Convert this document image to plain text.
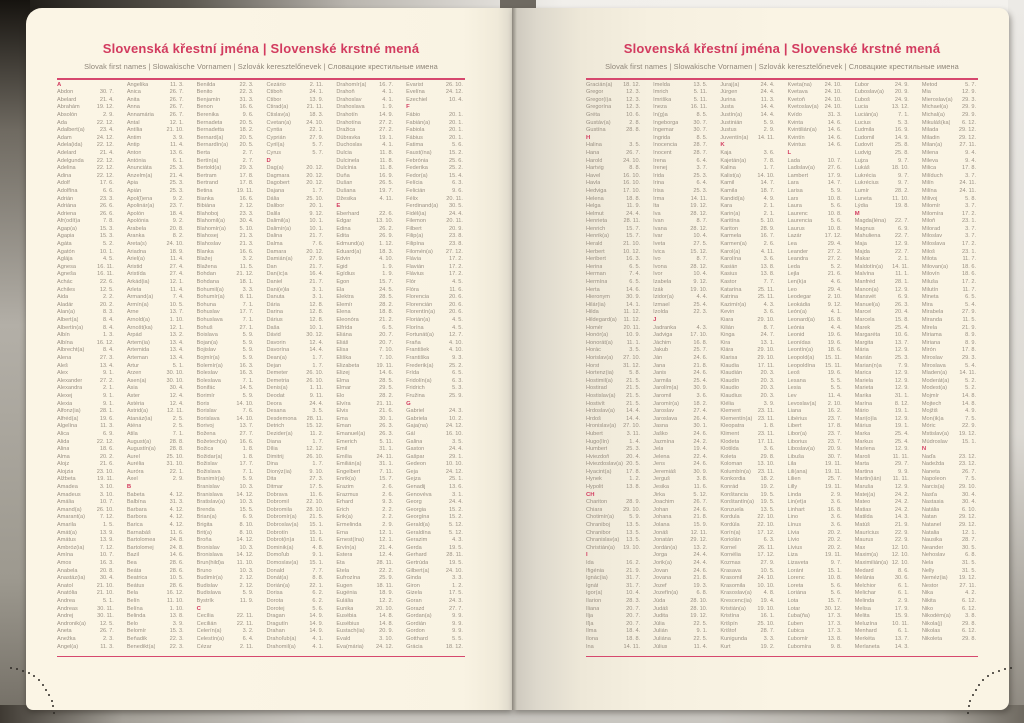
Slovenská křestní jména | Slovenské krstné mená
Slovak first names | Slowakische Vornamen | Szlovák keresztelőnevek | Словацкие крестильные имена
A
Abdon	30. 7.
Abelard	21. 4.
Abrahám	19. 12.
Absolón	2. 9.
Ada	22. 12.
Adalbert(a)	23. 4.
Adam	24. 12.
Adela(ida)	22. 12.
Adelard	21. 4.
Adelgunda	22. 12.
Adelina	22. 12.
Adina	22. 12.
Adolf	17. 6.
Adolfína	6. 6.
Adrián	23. 3.
Adriána	26. 6.
Adriena	26. 6.
Afr(odít)a	7. 8.
Agap(a)	15. 3.
Agapia	15. 3.
Agáta	5. 2.
Agatón	10. 1.
Aglája	4. 5.
Agnesa	16. 11.
Agneša	16. 11.
Achác	22. 6.
Achiles	12. 5.
Aida	2. 2.
Aladár	20. 2.
Alan(a)	8. 3.
Albert(a)	8. 4.
Albertín(a)	8. 4.
Albín	1. 3.
Albína	16. 12.
Albrecht(a)	8. 4.
Alena	27. 3.
Aleš	13. 4.
Alex	9. 1.
Alexander	27. 2.
Alexandra	2. 1.
Alexej	9. 1.
Alexia	9. 1.
Alfonz(ia)	28. 1.
Alfréd(a)	19. 6.
Algelína	11. 3.
Alica	6. 9.
Alida	22. 12.
Alina	18. 6.
Alma	20. 2.
Alojz	21. 6.
Alojzia	23. 10.
Alžbeta	19. 11.
Amadea	3. 10.
Amadeus	3. 10.
Amália	10. 7.
Amand(a)	26. 10.
Amarant(a)	7. 12.
Amarila	1. 5.
Amát(a)	13. 9.
Amátus	13. 9.
Ambróz(ia)	7. 12.
Amína	10. 7.
Amos	16. 3.
Anabela	20. 8.
Anastáz(ia)	30. 4.
Anatol	21. 10.
Anatólia	21. 10.
Andrea	5. 1.
Andreas	30. 11.
Andrej	30. 11.
Andronik(a)	12. 5.
Aneta	26. 7.
Anežka	2. 3.
Angel(a)	11. 3.
Angelika	11. 3.
Anica	26. 7.
Anita	26. 7.
Anna	26. 7.
Annamária	26. 7.
Antal	12. 1.
Antília	21. 10.
Antim	3. 9.
Antip	11. 4.
Anton	13. 6.
Antónia	6. 1.
Anunciáta	25. 3.
Anzelm(a)	21. 4.
Apia	25. 3.
Apián	25. 3.
Apol(l)ena	9. 2.
Apolinár(a)	23. 7.
Apolón	18. 4.
Apolónia	9. 2.
Arabela	20. 8.
Aranka	8. 2.
Areta(s)	24. 10.
Ariadna	18. 9.
Ariel(a)	11. 4.
Aristid	27. 4.
Aristída	27. 4.
Arkád(ia)	12. 1.
Arleta	11. 4.
Armand(a)	7. 4.
Armín(a)	10. 5.
Arne	13. 7.
Arnold(a)	1. 10.
Arnošt(ka)	12. 1.
Arpád	13. 2.
Artem(ia)	13. 4.
Artemida	13. 4.
Arteman	13. 4.
Artur	5. 1.
Arzen	30. 10.
Asen(a)	30. 10.
Asia	30. 4.
Aster	12. 4.
Astéria	12. 4.
Astrid(a)	12. 11.
Atanáz(ia)	2. 5.
Aténa	2. 5.
Atila	7. 1.
August(a)	28. 8.
Augustín(a)	28. 8.
Aurel	25. 10.
Aurélia	31. 10.
Auróra	22. 1.
Axel	2. 9.
B
Babeta	4. 12.
Balbína	31. 3.
Barbara	4. 12.
Barbora	4. 12.
Barica	4. 12.
Barnabáš	11. 6.
Bartolomea	24. 8.
Bartolomej	24. 8.
Bazil	14. 6.
Bea	28. 6.
Beáta	28. 6.
Beatrica	10. 5.
Beátus	28. 6.
Bela	16. 12.
Belín	11. 10.
Belína	1. 10.
Belinda	13. 8.
Belo	3. 9.
Belomír	15. 3.
Beňadik	22. 3.
Benedikt(a)	22. 3.
Benilda	22. 3.
Benito	22. 3.
Benjamín	31. 3.
Benon	16. 6.
Berenika	9. 6.
Bernadeta	20. 5.
Bernadetta	18. 2.
Bernard(a)	20. 5.
Bernardín(a)	20. 5.
Berta	2. 7.
Bertín(a)	2. 7.
Bertold(a)	29. 3.
Bertram	17. 8.
Bertrand	17. 8.
Betina	19. 11.
Bianka	16. 6.
Bibiána	2. 12.
Blahoboj	23. 3.
Blahomil(a)	30. 4.
Blahomír(a)	5. 10.
Blahosej	21. 3.
Blahoslav	21. 3.
Blanka	16. 6.
Blažej	3. 2.
Blažena	11. 5.
Bohdan	21. 12.
Bohdana	18. 1.
Bohumil(a)	3. 3.
Bohumír(a)	8. 11.
Bohuna	7. 1.
Bohuslav	17. 7.
Bohuslava	7. 1.
Bohuš	27. 1.
Boislava	5. 9.
Bojan(a)	5. 9.
Bojislav	5. 9.
Bojmír(a)	5. 9.
Bolemír(a)	16. 3.
Boleslav	16. 3.
Boleslava	7. 1.
Bonifác	14. 5.
Borimír	5. 9.
Boris	14. 10.
Borislav	7. 6.
Borislava	14. 10.
Borivoj	13. 7.
Božena	27. 7.
Božetech(a)	16. 6.
Božica	1. 8.
Božidar(a)	1. 8.
Božislav	17. 7.
Božislava	7. 1.
Branimír(a)	5. 9.
Branislav	10. 3.
Branislava	14. 12.
Bratislav(a)	10. 3.
Brenda	15. 5.
Brian(a)	6. 9.
Brigita	8. 10.
Brit(a)	8. 10.
Broňa	14. 12.
Bronislav	10. 3.
Bronislava	14. 12.
Brun(hild)a	11. 10.
Bruno	10. 3.
Budimír(a)	2. 12.
Budislav	2. 12.
Budislava	5. 9.
Bystrík	11. 9.
C
Cecília	22. 11.
Cecilián	22. 11.
Celerín(a)	3. 2.
Celestín(a)	6. 4.
Cézar	2. 11.
Cezário	2. 11.
Ctiboh	24. 1.
Ctibor	13. 9.
Ctirad(a)	21. 11.
Ctislav(a)	18. 3.
Cvetan(a)	24. 10.
Cyntia	22. 1.
Cyprián	27. 9.
Cyril(a)	5. 7.
Cyrus	5. 7.
D
Dag(a)	20. 12.
Dagmara	20. 12.
Dagobert	20. 12.
Dajana	1. 7.
Dália	25. 10.
Dalibor	20. 1.
Dalila	9. 12.
Dalimil(a)	10. 1.
Dalimír(a)	10. 1.
Dalina	21. 7.
Dalma	7. 6.
Damara	20. 12.
Damián(a)	27. 9.
Dan	21. 7.
Dan(ic)a	16. 4.
Daniel	21. 7.
Dani(e)la	3. 1.
Danuta	3. 1.
Dária	12. 8.
Darina	12. 8.
Dárius	12. 8.
Daša	10. 1.
Dávid	30. 12.
Davorin	12. 4.
Davorína	14. 4.
Dean(a)	1. 7.
Dejan	1. 7.
Demeter	26. 10.
Demetria	26. 10.
Denis(a)	1. 11.
Deodat	9. 11.
Deora	24. 4.
Desana	3. 5.
Desdemona	28. 11.
Detrich	15. 12.
Dezider(a)	11. 2.
Diana	1. 7.
Dília	12. 12.
Dimitrij	26. 10.
Dina	1. 7.
Dionýz(ia)	9. 10.
Dita	27. 3.
Ditmar	17. 5.
Dobrava	11. 6.
Dobromil	22. 10.
Dobromila	28. 10.
Dobromír(a)	21. 5.
Dobroslav(a)	15. 1.
Dobrotín	15. 1.
Dobrot(in)a	11. 6.
Dominik(a)	4. 8.
Domoľub	9. 1.
Domoslav(a)	15. 1.
Donald	7. 7.
Donát(a)	8. 8.
Dorián(a)	22. 1.
Dorisa	6. 2.
Dorota	6. 2.
Dorotej	5. 6.
Dragan	14. 9.
Dragutín	14. 9.
Drahan	14. 9.
Drahoľub(a)	4. 1.
Drahomil(a)	4. 1.
Drahomír(a)	16. 7.
Drahoň	4. 1.
Drahoslav	4. 1.
Drahoslava	1. 9.
Drahotín	14. 9.
Drahotína	27. 2.
Dražica	27. 2.
Dúbravka	19. 1.
Duchoslav	4. 1.
Dulcia	11. 8.
Dulcinela	11. 8.
Dulcínia	11. 8.
Duňa	16. 9.
Dušan	26. 5.
Dušana	19. 7.
Džesika	4. 11.
E
Eberhard	22. 6.
Edgar	13. 10.
Edina	26. 2.
Edita	26. 9.
Edmund(a)	1. 12.
Eduard(a)	18. 3.
Edvin	4. 10.
Egid	1. 9.
Egídius	1. 9.
Egon	15. 7.
Ela	24. 5.
Elektra	28. 5.
Elemír	28. 2.
Elena	18. 8.
Eleonóra	21. 2.
Elfrída	6. 5.
Eliána	20. 7.
Eliáš	20. 7.
Elisa	7. 10.
Eliška	7. 10.
Elizabeta	19. 11.
Elizej	14. 6.
Elma	28. 5.
Elmar	29. 5.
Elo	28. 2.
Elvíra	21. 11.
Elvis	21. 6.
Ema	30. 1.
Eman	26. 3.
Emanuel(a)	26. 3.
Emerich	5. 11.
Emil	31. 1.
Emília	24. 11.
Emilián(a)	31. 1.
Engelbert	7. 11.
Enrik(a)	15. 7.
Erazim	2. 6.
Erazmus	2. 6.
Erhard	9. 3.
Erich	2. 2.
Erik(a)	2. 2.
Ermelinda	2. 9.
Erna	12. 1.
Ernest(ína)	12. 1.
Ervín(a)	21. 4.
Estera	12. 4.
Eta	28. 11.
Etela	22. 2.
Eufrozína	25. 9.
Eugen	18. 11.
Eugénia	18. 9.
Eulália	12. 2.
Eunika	20. 10.
Eusébia	14. 8.
Eusébius	14. 8.
Eustach(ia)	20. 9.
Evald	3. 10.
Eva(mária)	24. 12.
Evarist	26. 10.
Evelína	24. 12.
Ezechiel	10. 4.
F
Fábio	20. 1.
Fabián(a)	20. 1.
Fabiola	20. 1.
Fábius	20. 1.
Fatima	5. 6.
Faust(ína)	15. 2.
Febrónia	25. 6.
Federika	25. 2.
Fedor(a)	15. 4.
Felícia	6. 3.
Felicián	9. 6.
Félix	20. 11.
Ferdinand(a)	30. 5.
Fidél(ia)	24. 4.
Filemon	20. 11.
Filbert	20. 9.
Filip(a)	23. 8.
Filipína	23. 8.
Filomén(a)	27. 12.
Flávia	17. 2.
Flavián	17. 2.
Flávius	17. 2.
Flór	4. 5.
Flóra	11. 6.
Florencia	20. 6.
Florencián	20. 6.
Florentín(a)	20. 6.
Florián(a)	4. 5.
Florína	4. 5.
Fortunát(a)	12. 7.
Fraňa	4. 10.
František	4. 10.
Františka	9. 3.
Frederik(a)	25. 2.
Frída	6. 5.
Fridolín(a)	6. 3.
Fridrich	5. 3.
Fružina	25. 9.
G
Gabriel	24. 3.
Gabriela	10. 2.
Gaja(na)	24. 12.
Gál	16. 10.
Galina	3. 5.
Gaston	24. 4.
Gašpar	29. 1.
Gedeon	10. 10.
Geja	24. 12.
Gejza	25. 1.
Genadij	13. 6.
Genovéva	3. 1.
Georg	24. 4.
Georgia	15. 2.
Georgína	15. 2.
Gerald(a)	5. 12.
Geraldína	5. 12.
Gerazim	4. 3.
Gerda	19. 5.
Gerhard	28. 11.
Gertrúda	19. 5.
Gilbert(a)	24. 10.
Ginda	3. 3.
Giron	1. 2.
Gizela	17. 5.
Goran	24. 3.
Gorazd	27. 7.
Gordan(a)	9. 9.
Gordián	9. 9.
Gordon	9. 9.
Gotthard	5. 5.
Grácia	18. 12.
Slovenská křestní jména | Slovenské krstné mená
Slovak first names | Slowakische Vornamen | Szlovák keresztelőnevek | Словацкие крестильные имена
Gracián(a)	18. 12.
Gregor	12. 3.
Gregor(i)a	12. 3.
Gregorína	12. 3.
Gréta	10. 6.
Gustáv(a)	2. 8.
Gustína	28. 8.
H
Halina	3. 5.
Hana	26. 7.
Harold	24. 10.
Hartvig	8. 8.
Havel	16. 10.
Havla	16. 10.
Hedviga	17. 10.
Helena	18. 8.
Helga	11. 9.
Helmut	24. 4.
Henrieta	28. 11.
Henrich	15. 7.
Henrik(a)	15. 7.
Herald	21. 10.
Herbert	10. 12.
Heribert	16. 3.
Herina	6. 5.
Herman	7. 4.
Hermína	6. 5.
Herta	14. 6.
Hieronym	30. 9.
Hilár(ia)	14. 1.
Hilda	11. 12.
Hildegard(a)	11. 12.
Homér	20. 11.
Honór(a)	10. 9.
Honorát(a)	11. 1.
Horác	3. 5.
Horislav(a)	27. 10.
Horst	31. 12.
Hortenz(ia)	5. 8.
Hostimil(a)	21. 5.
Hostirad	21. 5.
Hostislav(a)	21. 5.
Hostivít	21. 5.
Hrdoslav(a)	14. 4.
Hrdoš	14. 4.
Hronislav(a)	27. 10.
Hubert	3. 11.
Hugo(lín)	1. 4.
Humbert	25. 3.
Hviezdoň	20. 4.
Hviezdoslav(a) 20. 5.
Hyacint(a)	17. 8.
Hynek	1. 2.
Hypolit	13. 8.
CH
Chariton	28. 9.
Chiara	29. 10.
Chotimír(a)	5. 9.
Chraniboj	13. 5.
Chranibor	13. 5.
Chranislav(a)	13. 5.
Christián(a)	19. 10.
I
Ida	16. 2.
Ifigénia	21. 9.
Ignác(ia)	31. 7.
Ignát	31. 7.
Igor(a)	10. 4.
Ilarion	28. 3.
Iliana	20. 7.
Ilja	20. 7.
Iľja	20. 7.
Ilma	18. 4.
Ilona	18. 8.
Ina	14. 11.
Imelda	13. 5.
Imrich	5. 11.
Imriška	5. 11.
Ineza	16. 11.
In(g)a	8. 5.
Ingeborga	30. 7.
Ingemar	30. 7.
Ingrida	8. 5.
Inocencia	28. 7.
Inocent	28. 7.
Irena	6. 4.
Irenej	3. 7.
Irida	25. 3.
Irina	6. 4.
Irisa	25. 3.
Irma	14. 11.
Ita	19. 12.
Iva	28. 12.
Ivan	8. 7.
Ivana	28. 12.
Ivar	10. 4.
Iveta	27. 5.
Ivica	15. 12.
Ivo	8. 7.
Ivona	28. 12.
Ivor	10. 4.
Izabela	9. 12.
Izák	19. 10.
Izidor(a)	4. 4.
Izmael	25. 4.
Izolda	22. 3.
J
Jadranka	4. 3.
Jadviga	17. 10.
Jáchim	16. 8.
Jakub	25. 7.
Ján	24. 6.
Jana	21. 8.
Janis	24. 6.
Jarmila	25. 4.
Jarolím(a)	30. 9.
Jaromil	3. 6.
Jaromír(a)	18. 2.
Jaroslav	27. 4.
Jaroslava	26. 4.
Jasna	30. 1.
Jaško	24. 6.
Jazmína	24. 2.
Jela	19. 4.
Jelena	22. 4.
Jens	24. 6.
Jeremiáš	30. 9.
Jerguš	3. 8.
Jesika	11. 6.
Jirka	5. 12.
Joachim	26. 7.
Johan	24. 6.
Johana	21. 8.
Jolana	15. 9.
Jonáš	12. 11.
Jonatán	29. 12.
Jordán(a)	13. 2.
Jorga	24. 4.
Jorik(a)	24. 4.
Jovan	24. 6.
Jovana	21. 8.
Jozef	19. 3.
Jozefín(a)	6. 8.
Júda	28. 10.
Judáš	28. 10.
Judita	19. 12.
Júlia	22. 5.
Julián	9. 1.
Juliána	22. 5.
Július	11. 4.
Juraj(a)	24. 4.
Jürgen	24. 4.
Jurina	11. 3.
Justa	14. 4.
Justín(a)	14. 4.
Justinián	5. 9.
Justus	2. 9.
Juventín(a)	14. 11.
K
Kaja	3. 6.
Kajetán(a)	7. 8.
Kalina	1. 7.
Kalist(a)	14. 10.
Kamil	14. 7.
Kamila	18. 7.
Kandid(a)	4. 9.
Kara	2. 1.
Karin(a)	2. 1.
Karitína	5. 10.
Kariton	28. 9.
Karmela	16. 7.
Karmen(a)	2. 6.
Karol(a)	4. 11.
Karolína	3. 6.
Kasián	13. 8.
Kasius	13. 8.
Kastor	7. 7.
Katarína	25. 11.
Katrina	25. 11.
Kazimír(a)	4. 3.
Kevin	3. 6.
Kiara	29. 10.
Kilián	8. 7.
Kinga	24. 7.
Kira	13. 1.
Klára	29. 10.
Klarisa	29. 10.
Klaudia	17. 11.
Klaudián	20. 3.
Klaudín	20. 3.
Klaudio	20. 3.
Klaudius	20. 3.
Klélia	3. 9.
Klement	23. 11.
Klementín(a) 23. 11.
Kleopatra	1. 8.
Kliment	23. 11.
Klodeta	17. 11.
Klotilda	3. 6.
Koleta	29. 8.
Koloman	13. 10.
Kolumbín(a)	23. 11.
Konkordia	18. 2.
Konrád	19. 2.
Konštancia	19. 5.
Konštantín(a)	19. 5.
Konzuela	13. 5.
Kordula	22. 10.
Kordúla	22. 10.
Korín(a)	17. 12.
Koriolán	6. 3.
Kornel	26. 11.
Kornélia	17. 12.
Kozmas	27. 9.
Krasava	10. 5.
Krasomil	24. 10.
Krasomila	10. 10.
Krasoslav(a)	4. 8.
Krescenc(ia)	19. 4.
Kristián(a)	19. 10.
Kristína	16. 1.
Krišpín	25. 10.
Krištof	28. 7.
Kunigunda	3. 3.
Kurt	19. 2.
Kveta(na)	24. 10.
Kvetava	24. 10.
Kvetoň	24. 10.
Kvetoslav(a)	24. 10.
Kvído	31. 3.
Kvinta	14. 6.
Kvintilián(a)	14. 6.
Kvintín	14. 6.
Kvintus	14. 6.
L
Lada	10. 7.
Ladislav(a)	27. 6.
Lambert	17. 9.
Lara	14. 7.
Larisa	5. 9.
Lars	10. 8.
Laura	5. 6.
Laurenc	10. 8.
Laurencia	5. 6.
Laurus	10. 8.
Lazár	17. 12.
Lea	29. 4.
Leander	27. 2.
Leandra	27. 2.
Leda	5. 2.
Lejla	21. 6.
Len(k)a	4. 6.
Leo	29. 4.
Leodegar	2. 10.
Leokádia	9. 12.
León(a)	4. 1.
Leonard(a)	16. 8.
Leónia	4. 4.
Leonid	19. 6.
Leonídas	19. 6.
Leontín(a)	18. 6.
Leopold(a)	15. 11.
Leopoldína	15. 11.
Leoš	19. 6.
Lesana	5. 5.
Lesia	5. 5.
Lev	11. 4.
Levoslav(a)	2. 10.
Liana	16. 2.
Libérius	23. 7.
Libert	17. 8.
Libor(a)	23. 7.
Liborius	23. 7.
Liboslav(a)	20. 9.
Libuša	30. 7.
Lila	19. 11.
Lili(ana)	19. 11.
Lilien	25. 7.
Lilly	19. 11.
Linda	2. 9.
Lin(et)a	3. 6.
Linhart	16. 8.
Lino	3. 6.
Línus	3. 6.
Lívia	20. 2.
Lívio	20. 2.
Lívius	20. 2.
Liza	19. 11.
Lizaveta	9. 7.
Loránt	15. 1.
Lorenc	10. 8.
Loreta	5. 6.
Loriána	5. 6.
Lota	15. 7.
Lotar	30. 12.
Ľuba(ňa)	17. 3.
Ľuben	17. 3.
Ľubica	17. 3.
Ľubomír	13. 8.
Ľubomíra	9. 8.
Ľubor	24. 9.
Ľuboslav(a)	20. 9.
Ľuboš	24. 9.
Lucia	13. 12.
Lucián(a)	7. 1.
Lucius	5. 3.
Ľudmila	16. 9.
Ľudomil	14. 9.
Ľudovít	25. 8.
Ludvig	25. 8.
Lujza	9. 7.
Lukáš	18. 10.
Lukrécia	9. 7.
Lukrécius	9. 7.
Lumír	28. 2.
Luneta	11. 10.
Lýdia	19. 8.
M
Magda(léna)	22. 7.
Magnus	6. 9.
Mahuliena	22. 7.
Maja	12. 9.
Majda	22. 7.
Makar	2. 1.
Maldotín(a)	14. 11.
Malvína	11. 1.
Manfréd	28. 1.
Manon(a)	12. 9.
Mansvét	6. 9.
Manuel(a)	26. 3.
Marcel	20. 4.
Marcela	15. 8.
Marek	25. 4.
Margaréta	10. 6.
Margita	13. 7.
Mária	12. 9.
Marián	25. 3.
Marian(n)a	7. 9.
Marica	12. 9.
Mariela	12. 9.
Marieta	12. 9.
Marika	31. 1.
Marína	8. 12.
Mário	19. 1.
Mari(o)la	12. 9.
Márius	19. 1.
Marka	25. 4.
Markus	25. 4.
Marlena	12. 9.
Maroš	11. 11.
Marta	29. 7.
Martina	9. 9.
Martin(ián)	11. 11.
Maruša	12. 9.
Matej(a)	24. 2.
Mateo	24. 2.
Matias	24. 2.
Matilda	14. 3.
Matúš	21. 9.
Maurícius	22. 9.
Maurus	22. 9.
Max	12. 10.
Maxim(a)	12. 10.
Maximilián(a) 12. 10.
Medard	8. 6.
Melánia	30. 6.
Melchior	6. 1.
Melichar	6. 1.
Melinda	2. 9.
Melisa	17. 9.
Melita	15. 9.
Meluzína	10. 11.
Menhard	6. 1.
Merkéta	13. 7.
Merlaneta	14. 3.
Metod	5. 7.
Mia	12. 9.
Mieroslav(a)	29. 3.
Michael(a)	29. 9.
Michal(a)	29. 9.
Mikuláš(ka)	6. 12.
Milada	29. 12.
Miladin	29. 12.
Milan(a)	27. 11.
Milena	9. 4.
Mileva	9. 4.
Milica	17. 8.
Milíduch	3. 7.
Milín	24. 11.
Milína	24. 11.
Milivoj	5. 8.
Milomír	3. 7.
Milomíra	17. 2.
Miloň	23. 1.
Milorad	3. 7.
Miloslav	3. 7.
Miloslava	17. 2.
Miloš	23. 1.
Milota	11. 7.
Milovan(a)	18. 6.
Milovín	18. 6.
Miluša	17. 2.
Milutín	11. 7.
Mineta	6. 5.
Mira	5. 4.
Mirabela	27. 9.
Miranda	11. 5.
Mirela	21. 9.
Miriama	8. 9.
Miriana	8. 9.
Mirón	17. 8.
Miroslav	29. 3.
Miroslava	5. 4.
Mladen(a)	14. 11.
Moderát(a)	5. 2.
Modest(a)	5. 2.
Mojmír	14. 8.
Mojtech	14. 8.
Mojžiš	4. 9.
Mon(ik)a	7. 5.
Móric	22. 9.
Mstislav(a)	19. 12.
Múdroslav	15. 1.
N
Naďa	23. 12.
Nadežda	23. 12.
Naneta	26. 7.
Napoleon	7. 5.
Narcis(a)	29. 10.
Nasťa	30. 4.
Nastasia	30. 4.
Natália	6. 10.
Natan	29. 12.
Natanel	29. 12.
Natalia	12. 1.
Nausika	28. 7.
Neander	30. 5.
Nehoslav	6. 8.
Nela	31. 5.
Nelly	31. 5.
Neméz(ia)	19. 12.
Nestor	27. 11.
Nika	4. 2.
Nikita	6. 12.
Niko	6. 12.
Nikodém(a)	3. 8.
Nikola(j)	29. 8.
Nikolas	6. 12.
Nikoleta	29. 8.
